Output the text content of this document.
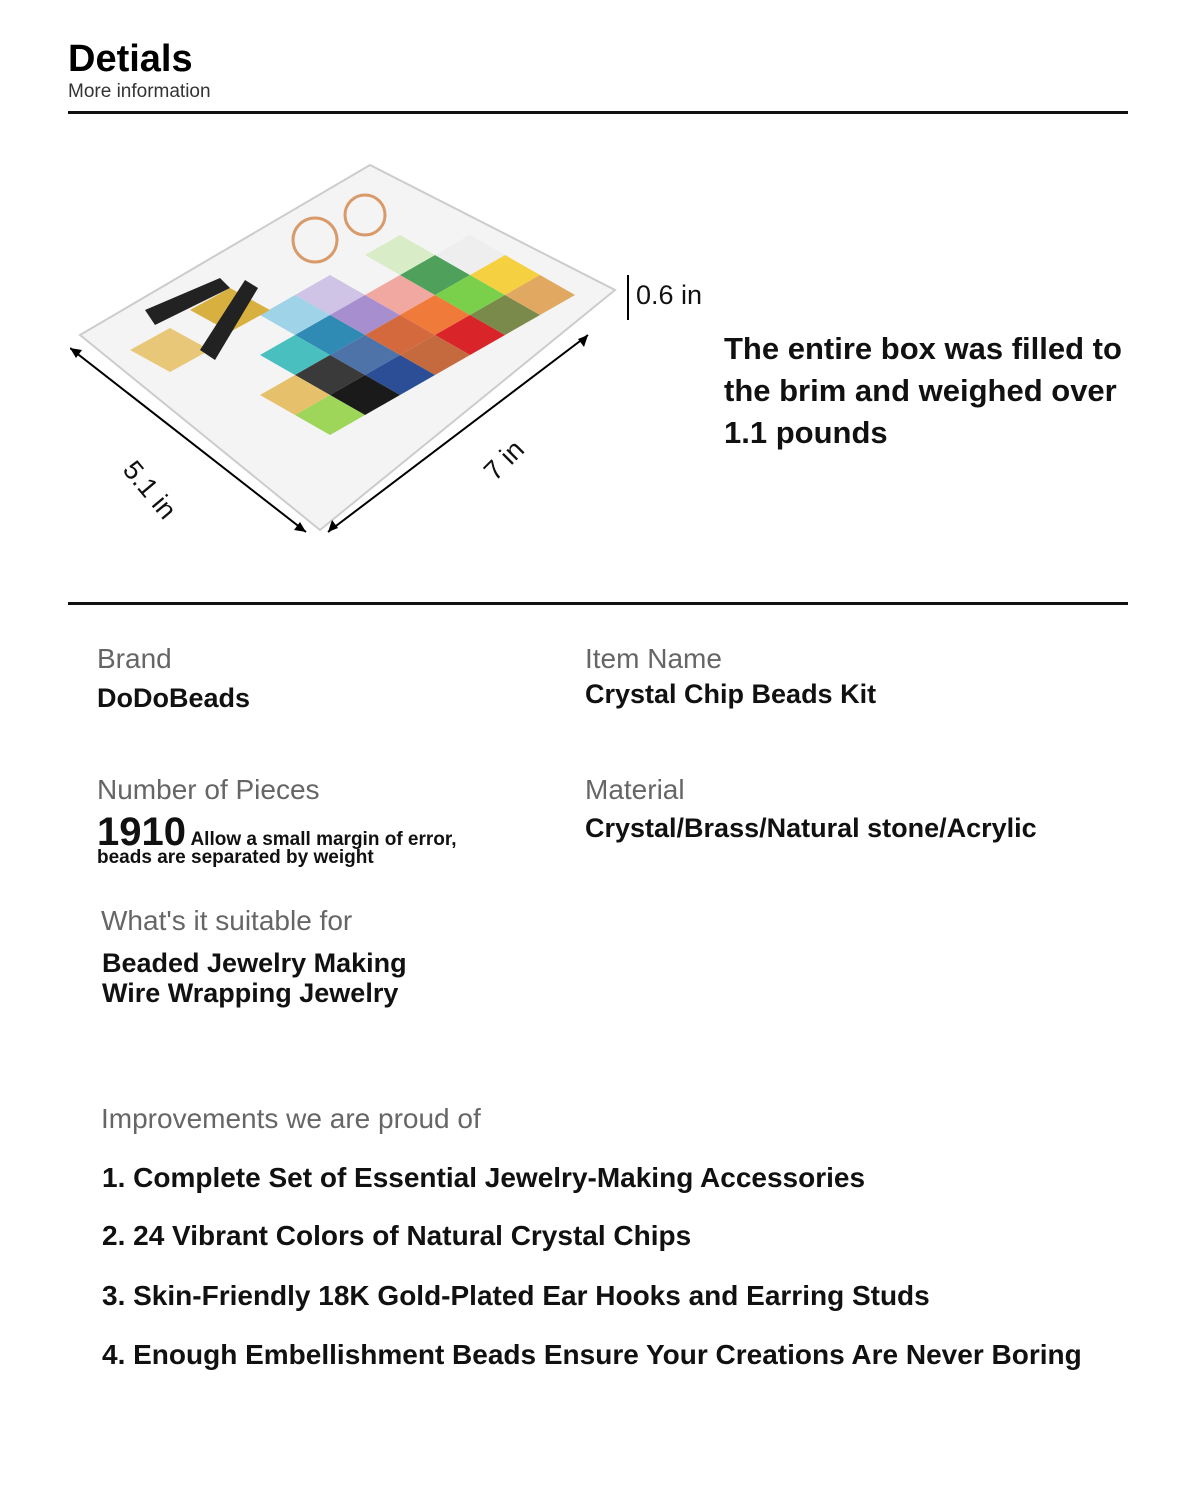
Detials
More information
0.6 in
5.1 in	7 in
The entire box was filled to
the brim and weighed over
1.1 pounds
Brand
DoDoBeads
Item Name
Crystal Chip Beads Kit
Number of Pieces
1910 Allow a small margin of error,
beads are separated by weight
Material
Crystal/Brass/Natural stone/Acrylic
What's it suitable for
Beaded Jewelry Making
Wire Wrapping Jewelry
Improvements we are proud of
1. Complete Set of Essential Jewelry-Making Accessories
2. 24 Vibrant Colors of Natural Crystal Chips
3. Skin-Friendly 18K Gold-Plated Ear Hooks and Earring Studs
4. Enough Embellishment Beads Ensure Your Creations Are Never Boring
